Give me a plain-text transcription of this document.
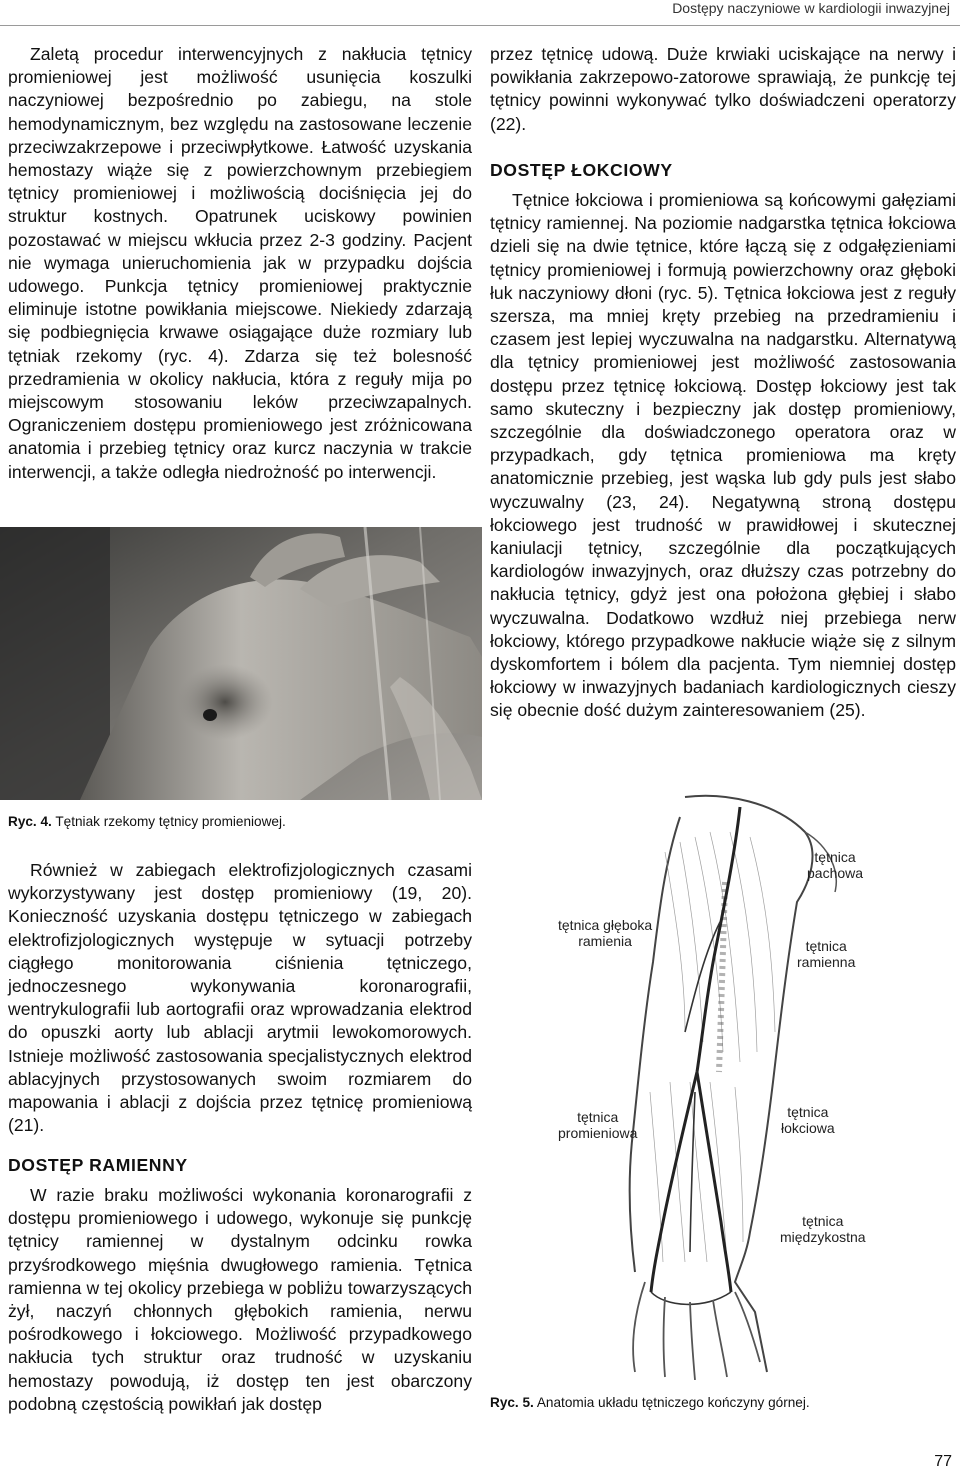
Dostępy naczyniowe w kardiologii inwazyjnej

Zaletą procedur interwencyjnych z nakłucia tętnicy promieniowej jest możliwość usunięcia koszulki naczyniowej bezpośrednio po zabiegu, na stole hemodynamicznym, bez względu na zastosowane leczenie przeciwzakrzepowe i przeciwpłytkowe. Łatwość uzyskania hemostazy wiąże się z powierzchownym przebiegiem tętnicy promieniowej i możliwością dociśnięcia jej do struktur kostnych. Opatrunek uciskowy powinien pozostawać w miejscu wkłucia przez 2-3 godziny. Pacjent nie wymaga unieruchomienia jak w przypadku dojścia udowego. Punkcja tętnicy promieniowej praktycznie eliminuje istotne powikłania miejscowe. Niekiedy zdarzają się podbiegnięcia krwawe osiągające duże rozmiary lub tętniak rzekomy (ryc. 4). Zdarza się też bolesność przedramienia w okolicy nakłucia, która z reguły mija po miejscowym stosowaniu leków przeciwzapalnych. Ograniczeniem dostępu promieniowego jest zróżnicowana anatomia i przebieg tętnicy oraz kurcz naczynia w trakcie interwencji, a także odległa niedrożność po interwencji.

Ryc. 4. Tętniak rzekomy tętnicy promieniowej.

Również w zabiegach elektrofizjologicznych czasami wykorzystywany jest dostęp promieniowy (19, 20). Konieczność uzyskania dostępu tętniczego w zabiegach elektrofizjologicznych występuje w sytuacji potrzeby ciągłego monitorowania ciśnienia tętniczego, jednoczesnego wykonywania koronarografii, wentrykulografii lub aortografii oraz wprowadzania elektrod do opuszki aorty lub ablacji arytmii lewokomorowych. Istnieje możliwość zastosowania specjalistycznych elektrod ablacyjnych przystosowanych swoim rozmiarem do mapowania i ablacji z dojścia przez tętnicę promieniową (21).

DOSTĘP RAMIENNY

W razie braku możliwości wykonania koronarografii z dostępu promieniowego i udowego, wykonuje się punkcję tętnicy ramiennej w dystalnym odcinku rowka przyśrodkowego mięśnia dwugłowego ramienia. Tętnica ramienna w tej okolicy przebiega w pobliżu towarzyszących żył, naczyń chłonnych głębokich ramienia, nerwu pośrodkowego i łokciowego. Możliwość przypadkowego nakłucia tych struktur oraz trudność w uzyskaniu hemostazy powodują, iż dostęp ten jest obarczony podobną częstością powikłań jak dostęp

przez tętnicę udową. Duże krwiaki uciskające na nerwy i powikłania zakrzepowo-zatorowe sprawiają, że punkcję tej tętnicy powinni wykonywać tylko doświadczeni operatorzy (22).

DOSTĘP ŁOKCIOWY

Tętnice łokciowa i promieniowa są końcowymi gałęziami tętnicy ramiennej. Na poziomie nadgarstka tętnica łokciowa dzieli się na dwie tętnice, które łączą się z odgałęzieniami tętnicy promieniowej i formują powierzchowny oraz głęboki łuk naczyniowy dłoni (ryc. 5). Tętnica łokciowa jest z reguły szersza, ma mniej kręty przebieg na przedramieniu i czasem jest lepiej wyczuwalna na nadgarstku. Alternatywą dla tętnicy promieniowej jest możliwość zastosowania dostępu przez tętnicę łokciową. Dostęp łokciowy jest tak samo skuteczny i bezpieczny jak dostęp promieniowy, szczególnie dla doświadczonego operatora oraz w przypadkach, gdy tętnica promieniowa ma kręty anatomicznie przebieg, jest wąska lub gdy puls jest słabo wyczuwalny (23, 24). Negatywną stroną dostępu łokciowego jest trudność w prawidłowej i skutecznej kaniulacji tętnicy, szczególnie dla początkujących kardiologów inwazyjnych, oraz dłuższy czas potrzebny do nakłucia tętnicy, gdyż jest ona położona głębiej i słabo wyczuwalna. Dodatkowo wzdłuż niej przebiega nerw łokciowy, którego przypadkowe nakłucie wiąże się z silnym dyskomfortem i bólem dla pacjenta. Tym niemniej dostęp łokciowy w inwazyjnych badaniach kardiologicznych cieszy się obecnie dość dużym zainteresowaniem (25).

tętnica
pachowa
tętnica głęboka
ramienia	tętnica
ramienna
tętnica
promieniowa
tętnica
łokciowa
tętnica
międzykostna
Ryc. 5. Anatomia układu tętniczego kończyny górnej.
77
